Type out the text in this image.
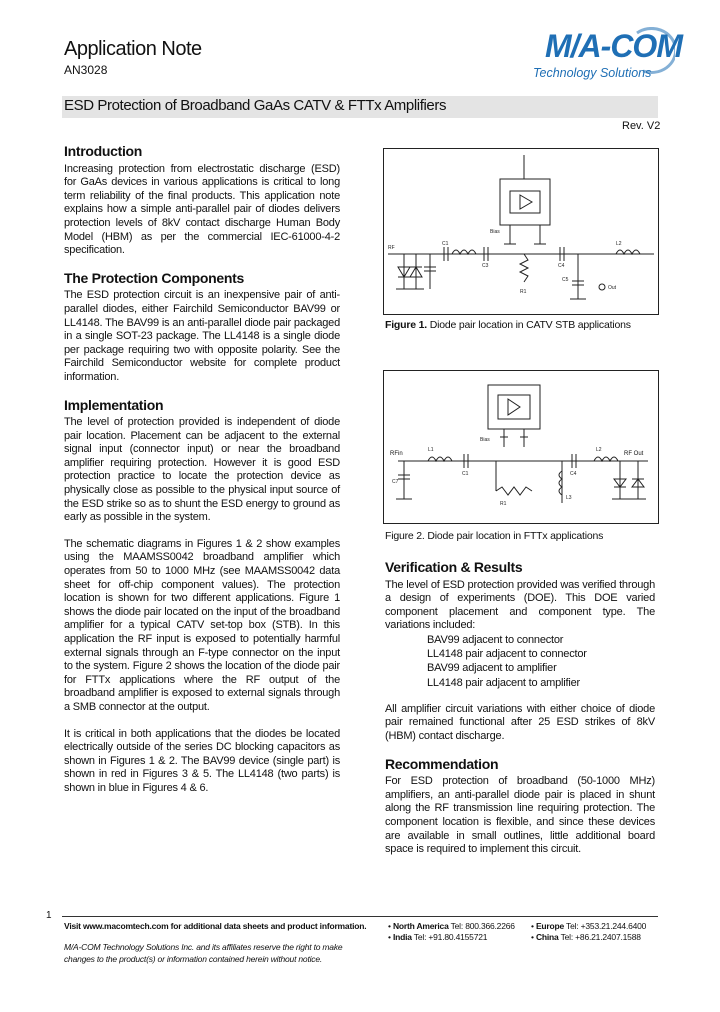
Application Note
AN3028
M/A-COM
Technology Solutions
ESD Protection of Broadband GaAs CATV & FTTx Amplifiers
Rev. V2
Introduction

Increasing protection from electrostatic discharge (ESD) for GaAs devices in various applications is critical to long term reliability of the final products. This application note explains how a simple anti-parallel pair of diodes delivers protection levels of 8kV contact discharge Human Body Model (HBM) as per the commercial IEC-61000-4-2 specification.

The Protection Components

The ESD protection circuit is an inexpensive pair of anti-parallel diodes, either Fairchild Semiconductor BAV99 or LL4148. The BAV99 is an anti-parallel diode pair packaged in a single SOT-23 package. The LL4148 is a single diode per package requiring two with opposite polarity. See the Fairchild Semiconductor website for complete product information.

Implementation

The level of protection provided is independent of diode pair location. Placement can be adjacent to the external signal input (connector input) or near the broadband amplifier requiring protection. However it is good ESD protection practice to locate the protection device as physically close as possible to the physical input source of the ESD strike so as to shunt the ESD energy to ground as early as possible in the system.

The schematic diagrams in Figures 1 & 2 show examples using the MAAMSS0042 broadband amplifier which operates from 50 to 1000 MHz (see MAAMSS0042 data sheet for off-chip component values). The protection location is shown for two different applications. Figure 1 shows the diode pair located on the input of the broadband amplifier for a typical CATV set-top box (STB). In this application the RF input is exposed to potentially harmful external signals through an F-type connector on the input to the system. Figure 2 shows the location of the diode pair for FTTx applications where the RF output of the broadband amplifier is exposed to external signals through a SMB connector at the output.

It is critical in both applications that the diodes be located electrically outside of the series DC blocking capacitors as shown in Figures 1 & 2. The BAV99 device (single part) is shown in red in Figures 3 & 5. The LL4148 (two parts) is shown in blue in Figures 4 & 6.

Bias
C1
C3	C4
L2
C5
Out
R1
RF
Figure 1. Diode pair location in CATV STB applications
Bias
L1
C1	C4
L2
C7
R1
L3
RFin	RF Out
Figure 2. Diode pair location in FTTx applications
Verification & Results

The level of ESD protection provided was verified through a design of experiments (DOE). This DOE varied component placement and component type. The variations included:

BAV99 adjacent to connector
LL4148 pair adjacent to connector
BAV99 adjacent to amplifier
LL4148 pair adjacent to amplifier

All amplifier circuit variations with either choice of diode pair remained functional after 25 ESD strikes of 8kV (HBM) contact discharge.

Recommendation

For ESD protection of broadband (50-1000 MHz) amplifiers, an anti-parallel diode pair is placed in shunt along the RF transmission line requiring protection. The component location is flexible, and since these devices are available in small outlines, little additional board space is required to implement this circuit.

1
Visit www.macomtech.com for additional data sheets and product information.
M/A-COM Technology Solutions Inc. and its affiliates reserve the right to make
changes to the product(s) or information contained herein without notice.
• North America Tel: 800.366.2266 • Europe Tel: +353.21.244.6400
• India Tel: +91.80.4155721	• China Tel: +86.21.2407.1588
